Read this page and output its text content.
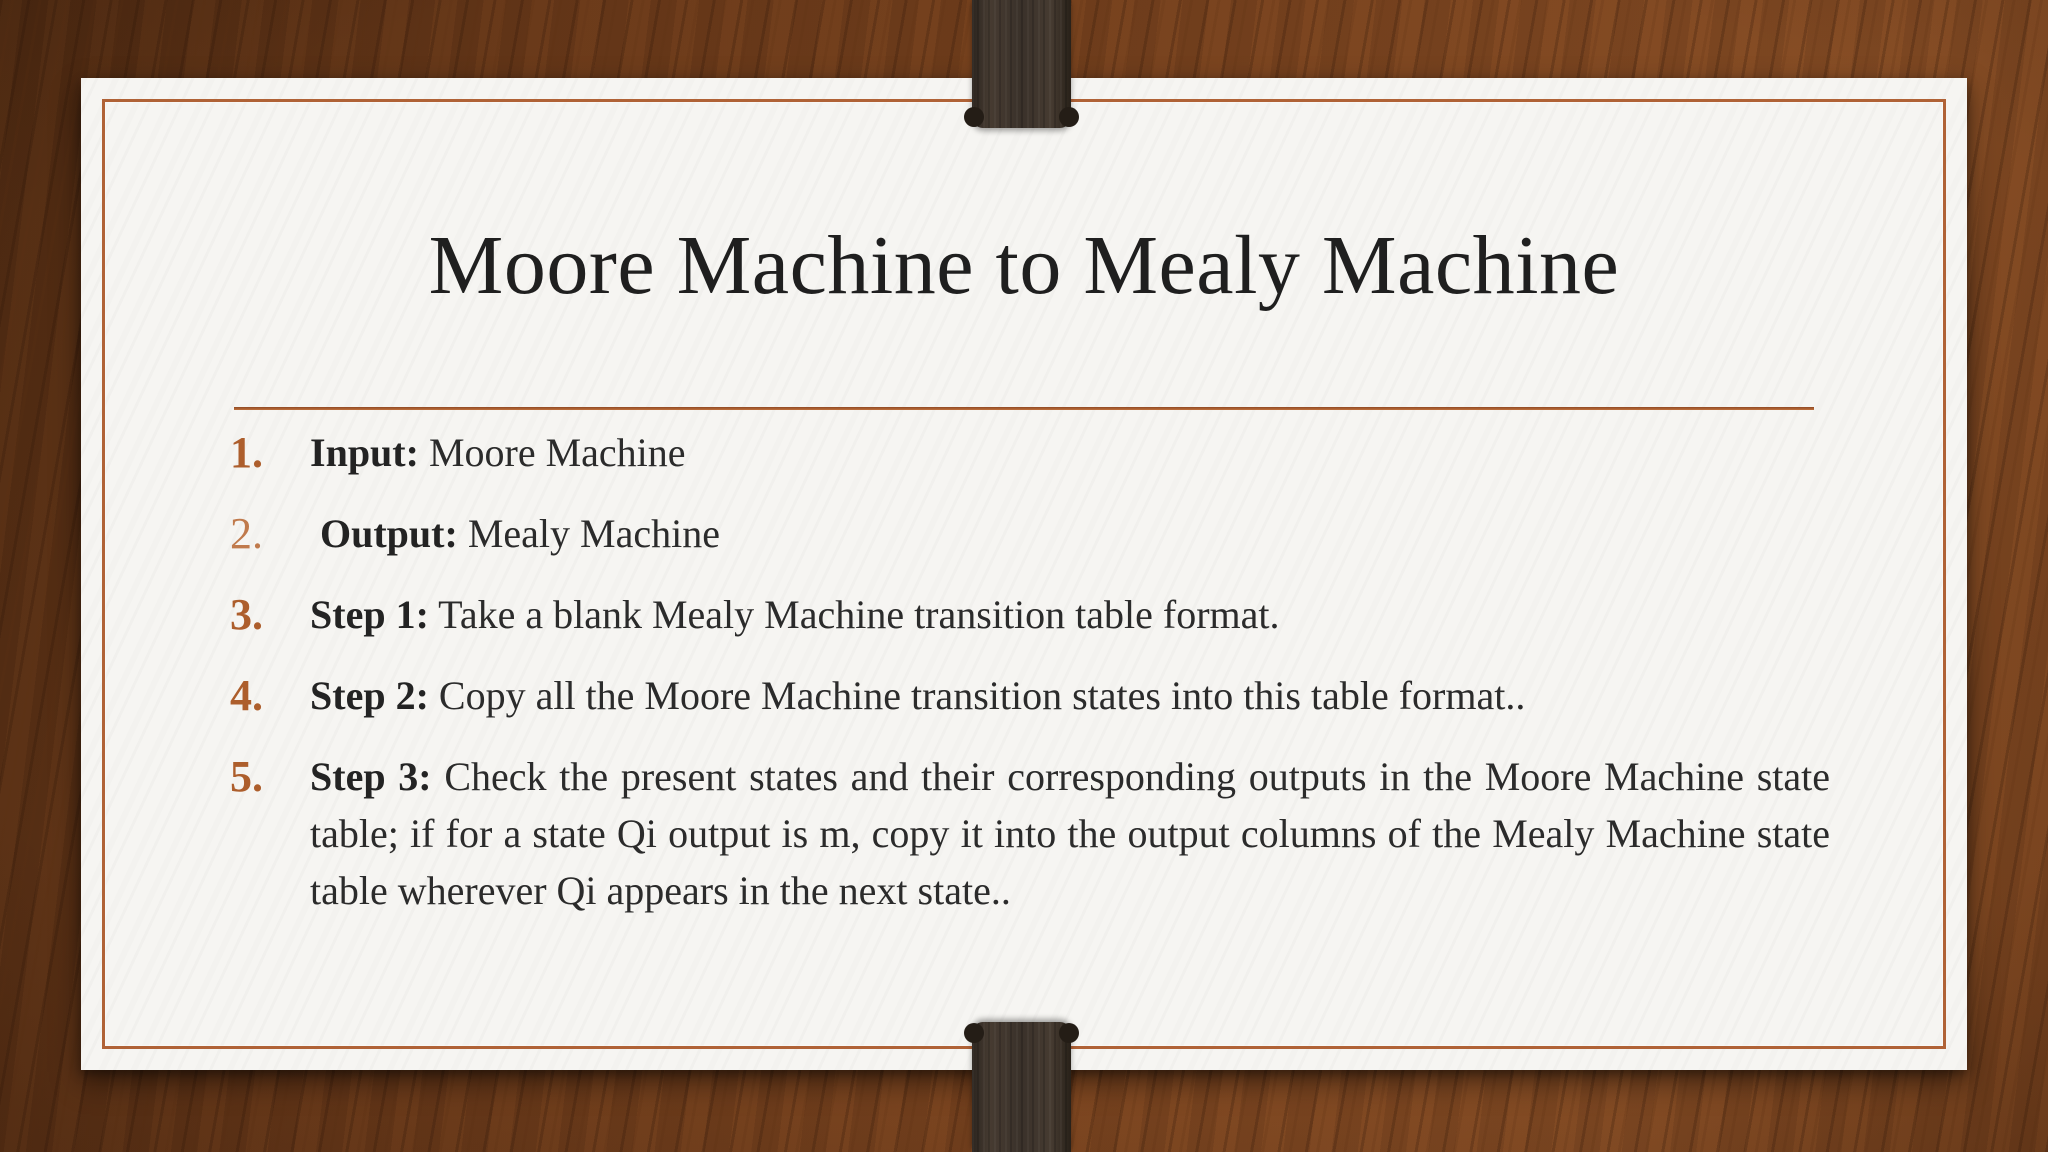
Moore Machine to Mealy Machine
1.	Input: Moore Machine
2.	Output: Mealy Machine
3.	Step 1: Take a blank Mealy Machine transition table format.
4.	Step 2: Copy all the Moore Machine transition states into this table format..
5.	Step 3: Check the present states and their corresponding outputs in the Moore Machine state table; if for a state Qi output is m, copy it into the output columns of the Mealy Machine state table wherever Qi appears in the next state..
